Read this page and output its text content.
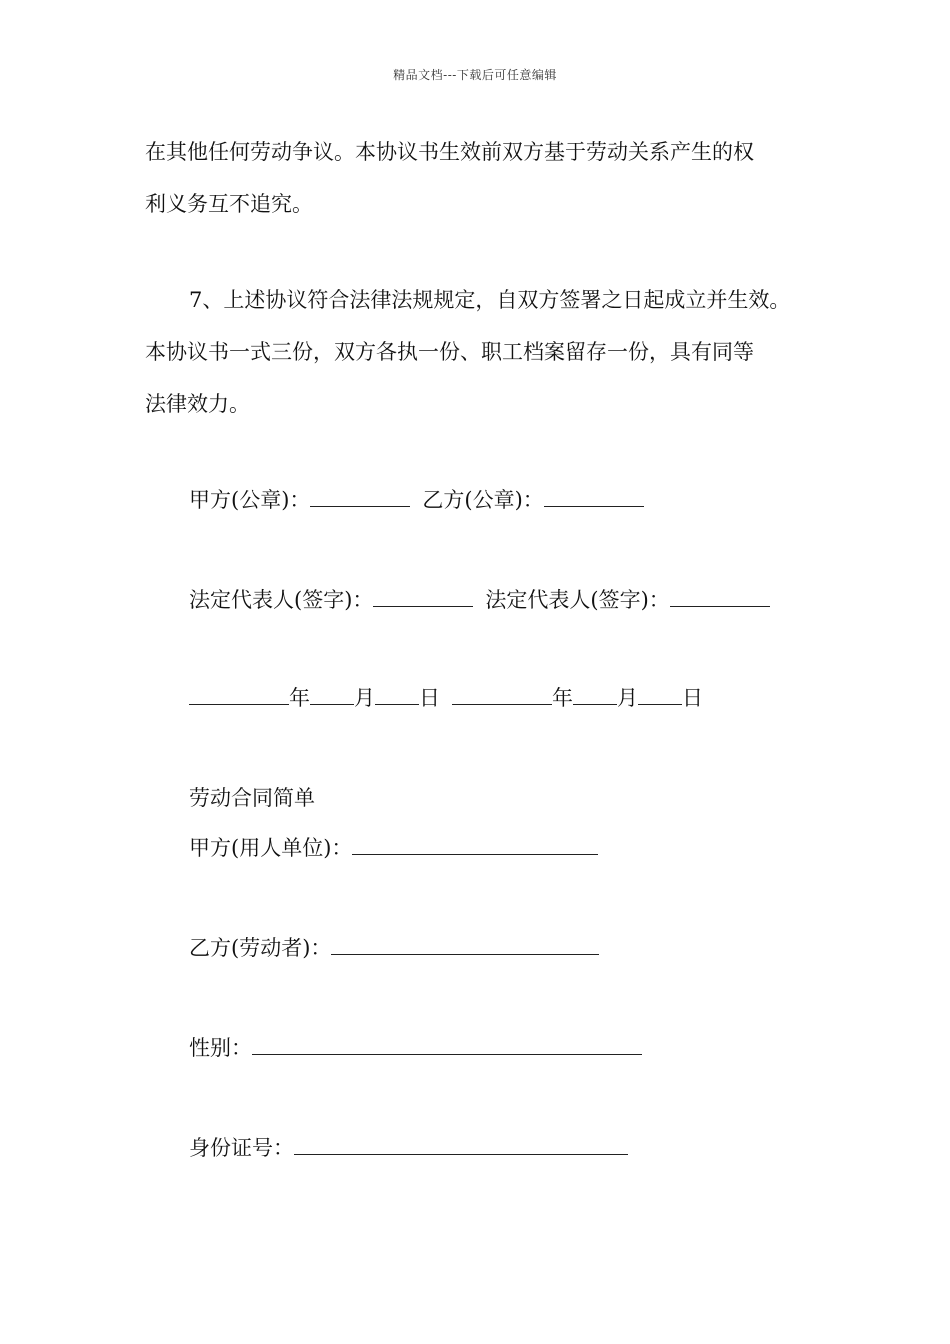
精品文档---下载后可任意编辑
在其他任何劳动争议。本协议书生效前双方基于劳动关系产生的权
利义务互不追究。
7、上述协议符合法律法规规定，自双方签署之日起成立并生效。
本协议书一式三份，双方各执一份、职工档案留存一份，具有同等
法律效力。
甲方(公章)：	乙方(公章)：
法定代表人(签字)：	法定代表人(签字)：
年 月 日	年 月 日
劳动合同简单
甲方(用人单位)：
乙方(劳动者)：
性别：
身份证号：
